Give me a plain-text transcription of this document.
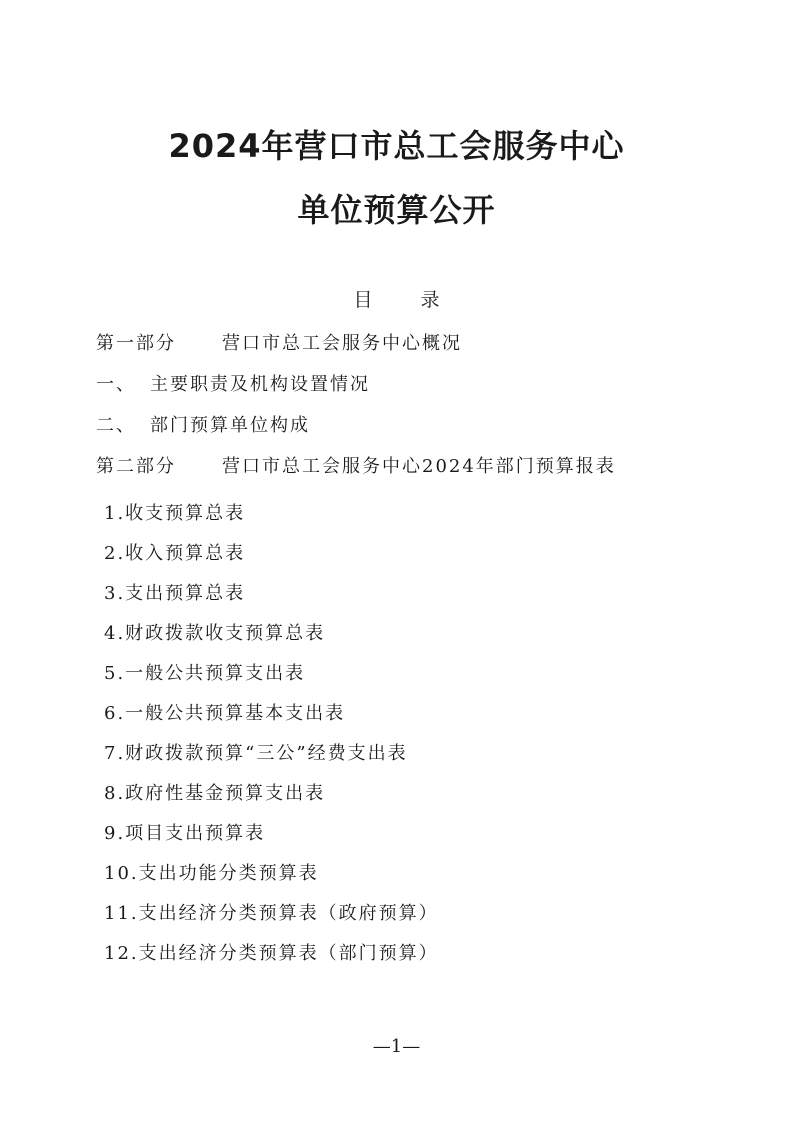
2024年营口市总工会服务中心
单位预算公开
目	录
第一部分	营口市总工会服务中心概况
一、 主要职责及机构设置情况
二、 部门预算单位构成
第二部分	营口市总工会服务中心2024年部门预算报表
1.收支预算总表
2.收入预算总表
3.支出预算总表
4.财政拨款收支预算总表
5.一般公共预算支出表
6.一般公共预算基本支出表
7.财政拨款预算“三公”经费支出表
8.政府性基金预算支出表
9.项目支出预算表
10.支出功能分类预算表
11.支出经济分类预算表（政府预算）
12.支出经济分类预算表（部门预算）
—1—
